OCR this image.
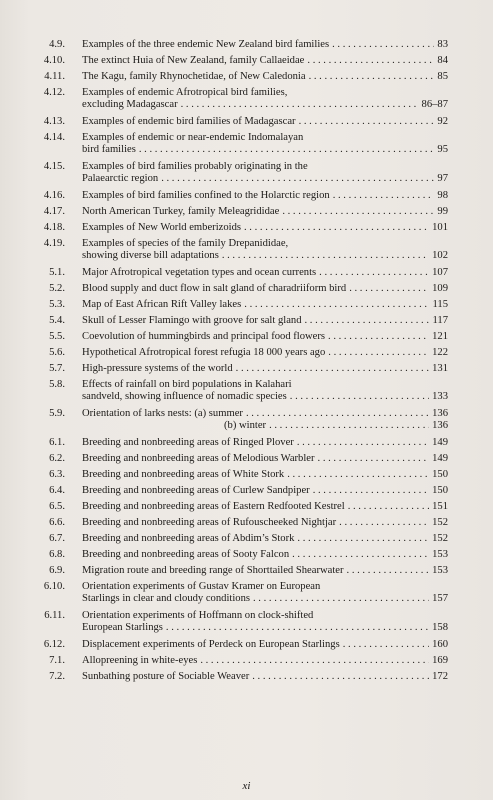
4.9. Examples of the three endemic New Zealand bird families . . .	83
4.10. The extinct Huia of New Zealand, family Callaeidae . . .	84
4.11. The Kagu, family Rhynochetidae, of New Caledonia . . .	85
4.12. Examples of endemic Afrotropical bird families,
excluding Madagascar . . .	86–87
4.13. Examples of endemic bird families of Madagascar . . .	92
4.14. Examples of endemic or near-endemic Indomalayan
bird families . . .	95
4.15. Examples of bird families probably originating in the
Palaearctic region . . .	97
4.16. Examples of bird families confined to the Holarctic region . . .	98
4.17. North American Turkey, family Meleagrididae . . .	99
4.18. Examples of New World emberizoids . . .	101
4.19. Examples of species of the family Drepanididae,
showing diverse bill adaptations . . .	102
5.1. Major Afrotropical vegetation types and ocean currents . . .	107
5.2. Blood supply and duct flow in salt gland of charadriiform bird . . .	109
5.3. Map of East African Rift Valley lakes . . .	115
5.4. Skull of Lesser Flamingo with groove for salt gland . . .	117
5.5. Coevolution of hummingbirds and principal food flowers . . .	121
5.6. Hypothetical Afrotropical forest refugia 18 000 years ago . . .	122
5.7. High-pressure systems of the world . . .	131
5.8. Effects of rainfall on bird populations in Kalahari
sandveld, showing influence of nomadic species . . .	133
5.9. Orientation of larks nests: (a) summer . . .	136
(b) winter . . .	136
6.1. Breeding and nonbreeding areas of Ringed Plover . . .	149
6.2. Breeding and nonbreeding areas of Melodious Warbler . . .	149
6.3. Breeding and nonbreeding areas of White Stork . . .	150
6.4. Breeding and nonbreeding areas of Curlew Sandpiper . . .	150
6.5. Breeding and nonbreeding areas of Eastern Redfooted Kestrel . . .	151
6.6. Breeding and nonbreeding areas of Rufouscheeked Nightjar . . .	152
6.7. Breeding and nonbreeding areas of Abdim’s Stork . . .	152
6.8. Breeding and nonbreeding areas of Sooty Falcon . . .	153
6.9. Migration route and breeding range of Shorttailed Shearwater . . .	153
6.10. Orientation experiments of Gustav Kramer on European
Starlings in clear and cloudy conditions . . .	157
6.11. Orientation experiments of Hoffmann on clock-shifted
European Starlings . . .	158
6.12. Displacement experiments of Perdeck on European Starlings . . .	160
7.1. Allopreening in white-eyes . . .	169
7.2. Sunbathing posture of Sociable Weaver . . .	172
xi
